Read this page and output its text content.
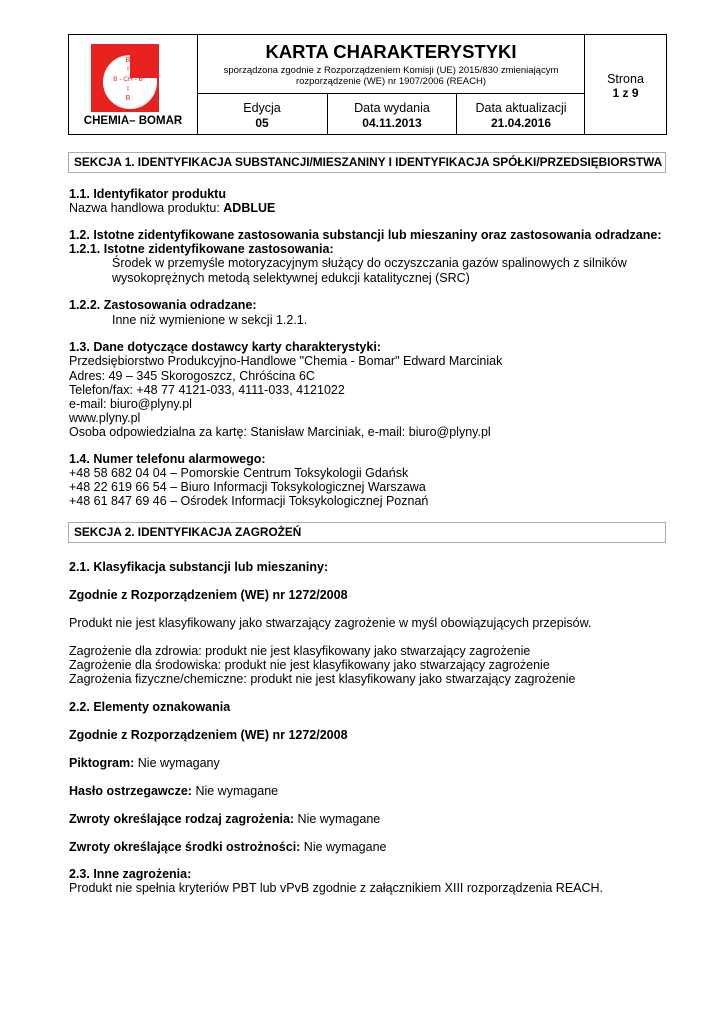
B
I
B - CH - B
I
B
CHEMIA– BOMAR
KARTA CHARAKTERYSTYKI
sporządzona zgodnie z Rozporządzeniem Komisji (UE) 2015/830 zmieniającym
rozporządzenie (WE) nr 1907/2006 (REACH)
Edycja
05
Data wydania
04.11.2013
Data aktualizacji
21.04.2016
Strona
1 z 9
SEKCJA 1. IDENTYFIKACJA SUBSTANCJI/MIESZANINY I IDENTYFIKACJA SPÓŁKI/PRZEDSIĘBIORSTWA
1.1. Identyfikator produktu
Nazwa handlowa produktu: ADBLUE
1.2. Istotne zidentyfikowane zastosowania substancji lub mieszaniny oraz zastosowania odradzane:
1.2.1. Istotne zidentyfikowane zastosowania:
Środek w przemyśle motoryzacyjnym służący do oczyszczania gazów spalinowych z silników
wysokoprężnych metodą selektywnej edukcji katalitycznej (SRC)
1.2.2. Zastosowania odradzane:
Inne niż wymienione w sekcji 1.2.1.
1.3. Dane dotyczące dostawcy karty charakterystyki:
Przedsiębiorstwo Produkcyjno-Handlowe "Chemia - Bomar" Edward Marciniak
Adres: 49 – 345 Skorogoszcz, Chróścina 6C
Telefon/fax: +48 77 4121-033, 4111-033, 4121022
e-mail: biuro@plyny.pl
www.plyny.pl
Osoba odpowiedzialna za kartę: Stanisław Marciniak, e-mail: biuro@plyny.pl
1.4. Numer telefonu alarmowego:
+48 58 682 04 04 – Pomorskie Centrum Toksykologii Gdańsk
+48 22 619 66 54 – Biuro Informacji Toksykologicznej Warszawa
+48 61 847 69 46 – Ośrodek Informacji Toksykologicznej Poznań
SEKCJA 2. IDENTYFIKACJA ZAGROŻEŃ
2.1. Klasyfikacja substancji lub mieszaniny:
Zgodnie z Rozporządzeniem (WE) nr 1272/2008
Produkt nie jest klasyfikowany jako stwarzający zagrożenie w myśl obowiązujących przepisów.
Zagrożenie dla zdrowia: produkt nie jest klasyfikowany jako stwarzający zagrożenie
Zagrożenie dla środowiska: produkt nie jest klasyfikowany jako stwarzający zagrożenie
Zagrożenia fizyczne/chemiczne: produkt nie jest klasyfikowany jako stwarzający zagrożenie
2.2. Elementy oznakowania
Zgodnie z Rozporządzeniem (WE) nr 1272/2008
Piktogram: Nie wymagany
Hasło ostrzegawcze: Nie wymagane
Zwroty określające rodzaj zagrożenia: Nie wymagane
Zwroty określające środki ostrożności: Nie wymagane
2.3. Inne zagrożenia:
Produkt nie spełnia kryteriów PBT lub vPvB zgodnie z załącznikiem XIII rozporządzenia REACH.
